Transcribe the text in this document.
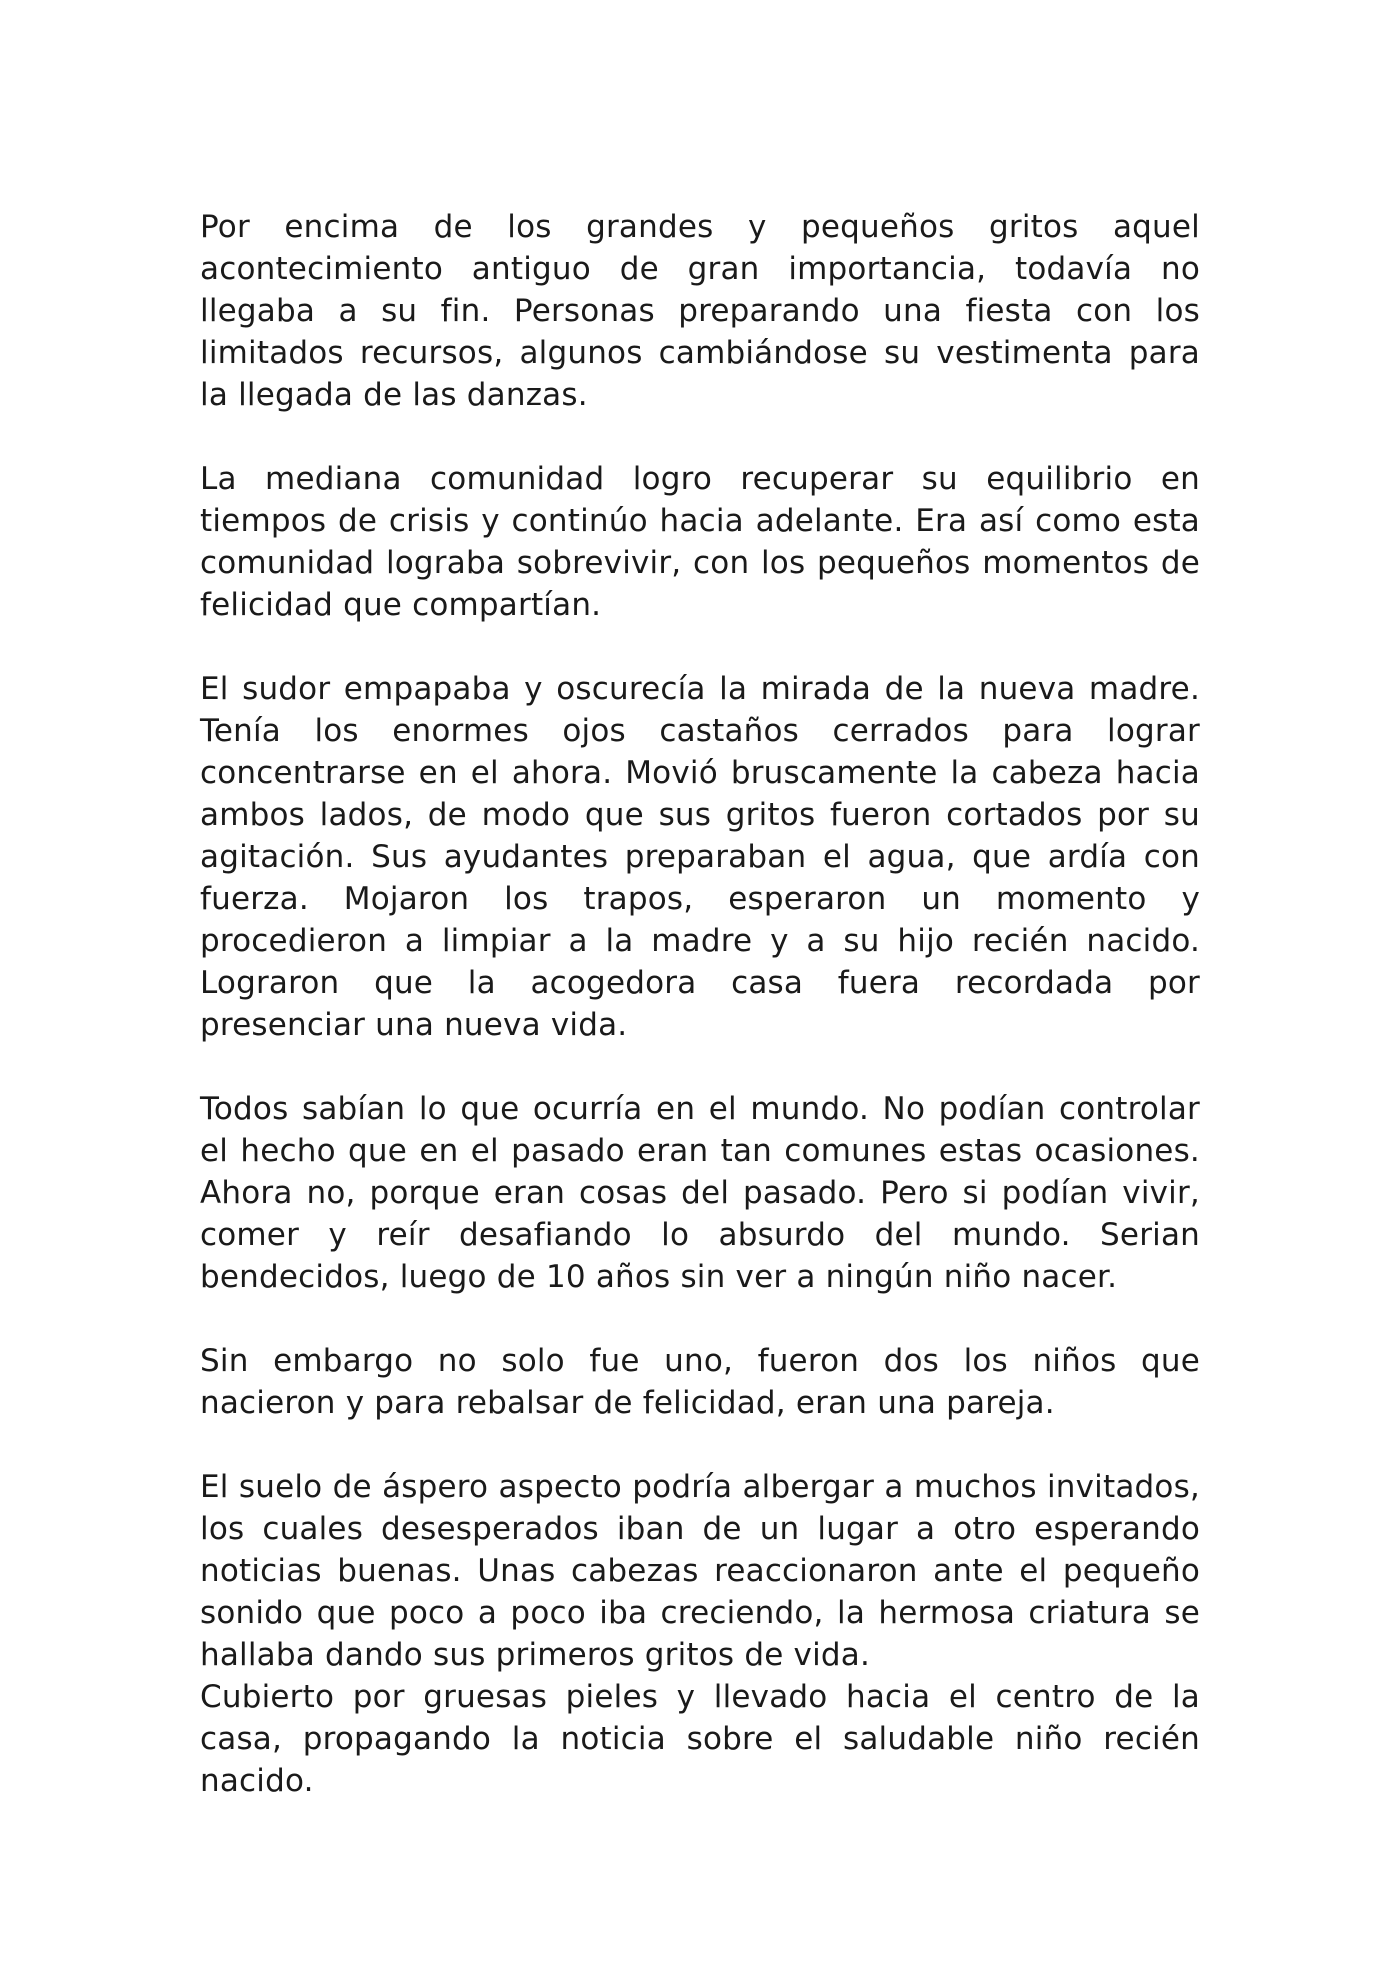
Por encima de los grandes y pequeños gritos aquel acontecimiento antiguo de gran importancia, todavía no llegaba a su fin. Personas preparando una fiesta con los limitados recursos, algunos cambiándose su vestimenta para la llegada de las danzas.

La mediana comunidad logro recuperar su equilibrio en tiempos de crisis y continúo hacia adelante. Era así como esta comunidad lograba sobrevivir, con los pequeños momentos de felicidad que compartían.

El sudor empapaba y oscurecía la mirada de la nueva madre. Tenía los enormes ojos castaños cerrados para lograr concentrarse en el ahora. Movió bruscamente la cabeza hacia ambos lados, de modo que sus gritos fueron cortados por su agitación. Sus ayudantes preparaban el agua, que ardía con fuerza. Mojaron los trapos, esperaron un momento y procedieron a limpiar a la madre y a su hijo recién nacido. Lograron que la acogedora casa fuera recordada por presenciar una nueva vida.

Todos sabían lo que ocurría en el mundo. No podían controlar el hecho que en el pasado eran tan comunes estas ocasiones. Ahora no, porque eran cosas del pasado. Pero si podían vivir, comer y reír desafiando lo absurdo del mundo. Serian bendecidos, luego de 10 años sin ver a ningún niño nacer.

Sin embargo no solo fue uno, fueron dos los niños que nacieron y para rebalsar de felicidad, eran una pareja.

El suelo de áspero aspecto podría albergar a muchos invitados, los cuales desesperados iban de un lugar a otro esperando noticias buenas. Unas cabezas reaccionaron ante el pequeño sonido que poco a poco iba creciendo, la hermosa criatura se hallaba dando sus primeros gritos de vida.

Cubierto por gruesas pieles y llevado hacia el centro de la casa, propagando la noticia sobre el saludable niño recién nacido.
